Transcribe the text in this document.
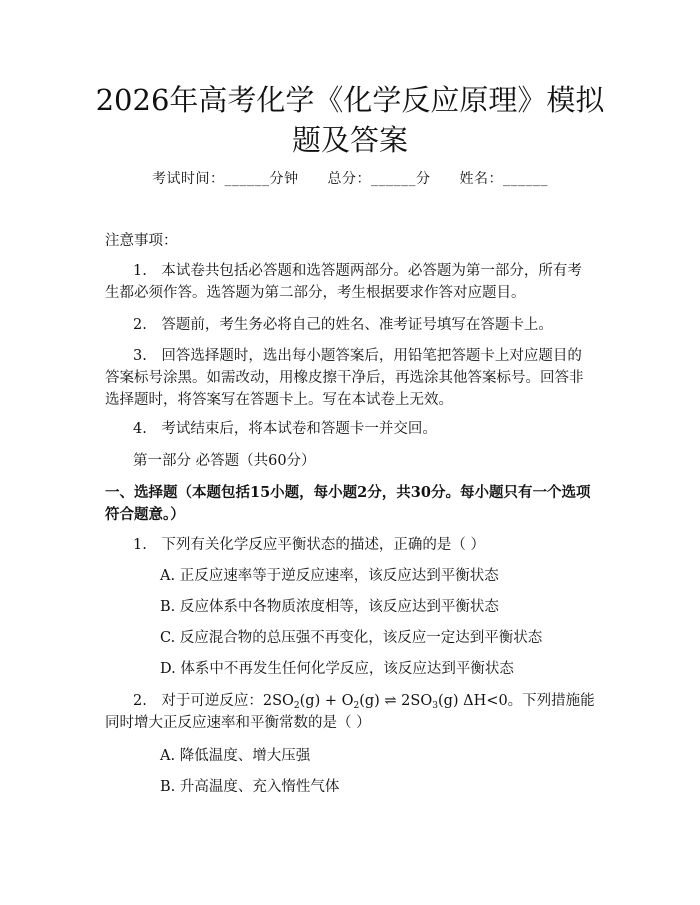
2026年高考化学《化学反应原理》模拟题及答案
考试时间：______分钟 总分：______分 姓名：______
注意事项：
1.　本试卷共包括必答题和选答题两部分。必答题为第一部分，所有考生都必须作答。选答题为第二部分，考生根据要求作答对应题目。
2.　答题前，考生务必将自己的姓名、准考证号填写在答题卡上。
3.　回答选择题时，选出每小题答案后，用铅笔把答题卡上对应题目的答案标号涂黑。如需改动，用橡皮擦干净后，再选涂其他答案标号。回答非选择题时，将答案写在答题卡上。写在本试卷上无效。
4.　考试结束后，将本试卷和答题卡一并交回。
第一部分 必答题（共60分）
一、选择题（本题包括15小题，每小题2分，共30分。每小题只有一个选项符合题意。）
1.　下列有关化学反应平衡状态的描述，正确的是（ ）
A. 正反应速率等于逆反应速率，该反应达到平衡状态
B. 反应体系中各物质浓度相等，该反应达到平衡状态
C. 反应混合物的总压强不再变化，该反应一定达到平衡状态
D. 体系中不再发生任何化学反应，该反应达到平衡状态
2.　对于可逆反应：$2SO_2(g) + O_2(g)$ ⇌ $2SO_3(g)$ ΔH<0。下列措施能同时增大正反应速率和平衡常数的是（ ）
A. 降低温度、增大压强
B. 升高温度、充入惰性气体
